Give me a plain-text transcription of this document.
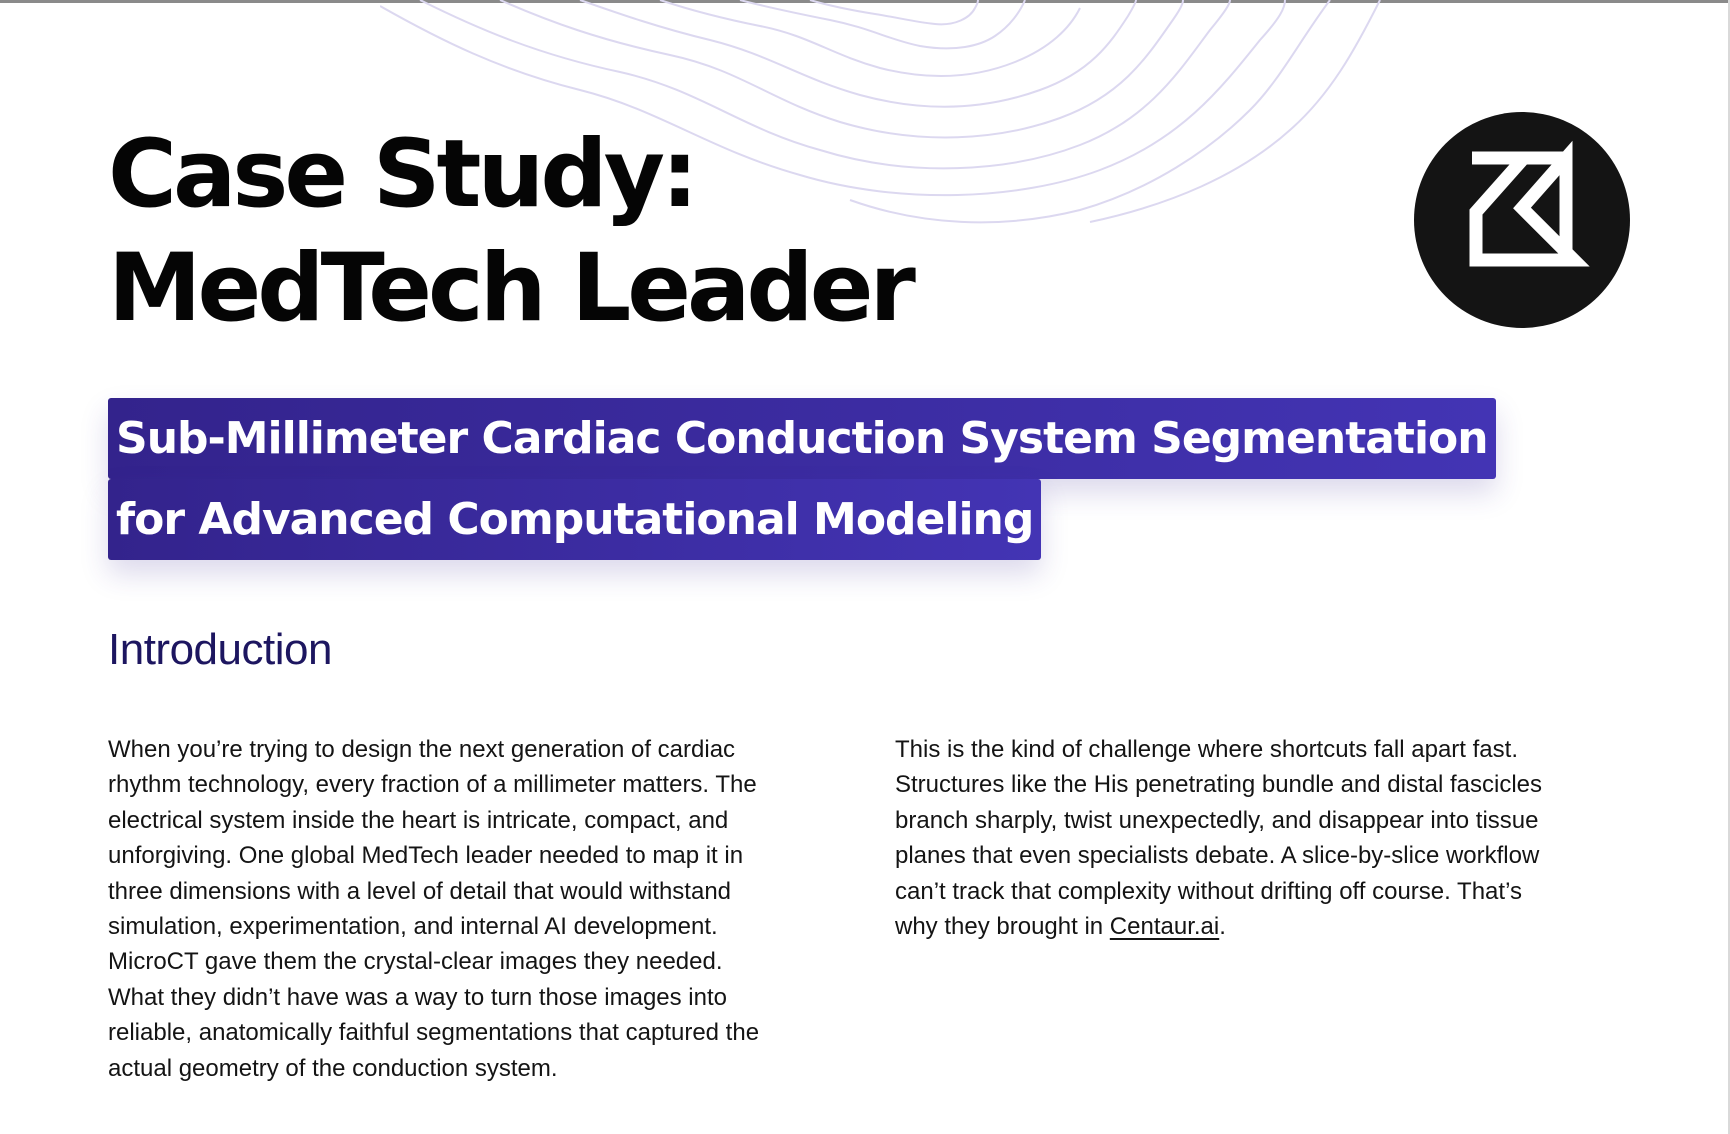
Case Study:
MedTech Leader
Sub-Millimeter Cardiac Conduction System Segmentation
for Advanced Computational Modeling
Introduction

When you’re trying to design the next generation of cardiac
rhythm technology, every fraction of a millimeter matters. The
electrical system inside the heart is intricate, compact, and
unforgiving. One global MedTech leader needed to map it in
three dimensions with a level of detail that would withstand
simulation, experimentation, and internal AI development.
MicroCT gave them the crystal-clear images they needed.
What they didn’t have was a way to turn those images into
reliable, anatomically faithful segmentations that captured the
actual geometry of the conduction system.

This is the kind of challenge where shortcuts fall apart fast.
Structures like the His penetrating bundle and distal fascicles
branch sharply, twist unexpectedly, and disappear into tissue
planes that even specialists debate. A slice-by-slice workflow
can’t track that complexity without drifting off course. That’s
why they brought in Centaur.ai.
